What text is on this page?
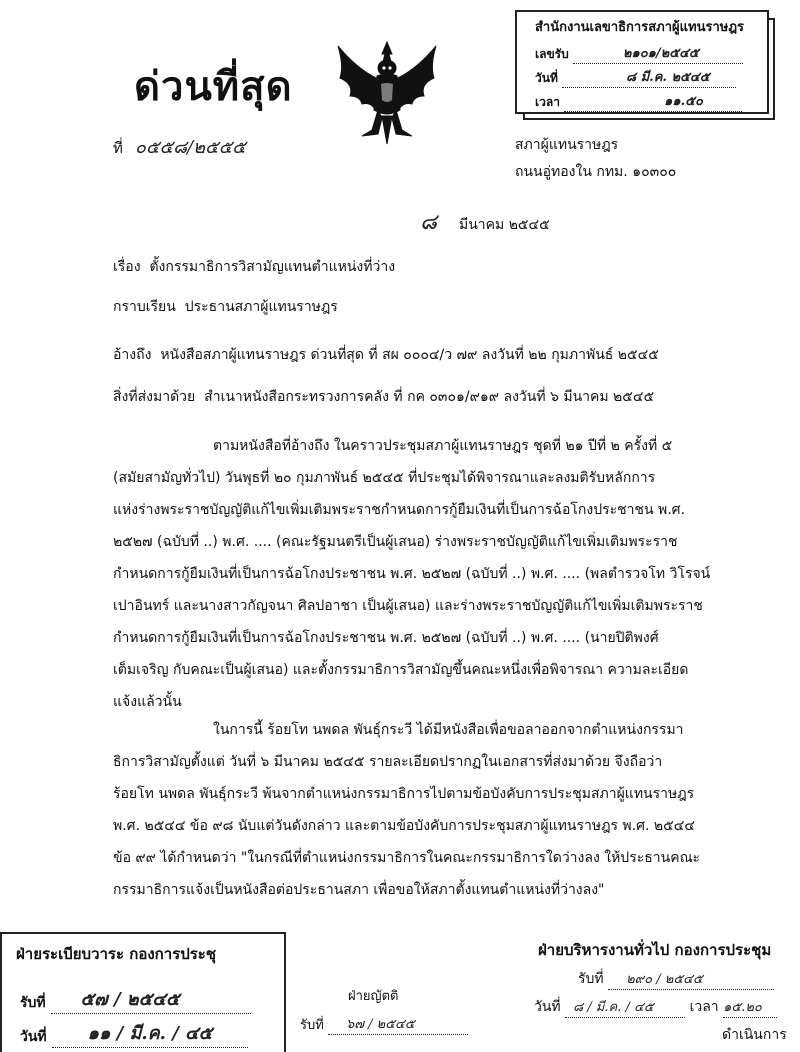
ด่วนที่สุด
สำนักงานเลขาธิการสภาผู้แทนราษฎร
เลขรับ	๒๑๐๑/๒๕๔๕
วันที่	๘ มี.ค. ๒๕๔๕
เวลา	๑๑.๕๐
ที่ ๐๕๕๘/๒๕๕๕	สภาผู้แทนราษฎร
ถนนอู่ทองใน กทม. ๑๐๓๐๐
๘ มีนาคม ๒๕๔๕
เรื่อง ตั้งกรรมาธิการวิสามัญแทนตำแหน่งที่ว่าง
กราบเรียน ประธานสภาผู้แทนราษฎร
อ้างถึง หนังสือสภาผู้แทนราษฎร ด่วนที่สุด ที่ สผ ๐๐๐๔/ว ๗๙ ลงวันที่ ๒๒ กุมภาพันธ์ ๒๕๔๕
สิ่งที่ส่งมาด้วย สำเนาหนังสือกระทรวงการคลัง ที่ กค ๐๓๐๑/๙๑๙ ลงวันที่ ๖ มีนาคม ๒๕๔๕

ตามหนังสือที่อ้างถึง ในคราวประชุมสภาผู้แทนราษฎร ชุดที่ ๒๑ ปีที่ ๒ ครั้งที่ ๕

(สมัยสามัญทั่วไป) วันพุธที่ ๒๐ กุมภาพันธ์ ๒๕๔๕ ที่ประชุมได้พิจารณาและลงมติรับหลักการ

แห่งร่างพระราชบัญญัติแก้ไขเพิ่มเติมพระราชกำหนดการกู้ยืมเงินที่เป็นการฉ้อโกงประชาชน พ.ศ.

๒๕๒๗ (ฉบับที่ ..) พ.ศ. .... (คณะรัฐมนตรีเป็นผู้เสนอ) ร่างพระราชบัญญัติแก้ไขเพิ่มเติมพระราช

กำหนดการกู้ยืมเงินที่เป็นการฉ้อโกงประชาชน พ.ศ. ๒๕๒๗ (ฉบับที่ ..) พ.ศ. .... (พลตำรวจโท วิโรจน์

เปาอินทร์ และนางสาวกัญจนา ศิลปอาชา เป็นผู้เสนอ) และร่างพระราชบัญญัติแก้ไขเพิ่มเติมพระราช

กำหนดการกู้ยืมเงินที่เป็นการฉ้อโกงประชาชน พ.ศ. ๒๕๒๗ (ฉบับที่ ..) พ.ศ. .... (นายปิติพงศ์

เต็มเจริญ กับคณะเป็นผู้เสนอ) และตั้งกรรมาธิการวิสามัญขึ้นคณะหนึ่งเพื่อพิจารณา ความละเอียด

แจ้งแล้วนั้น

ในการนี้ ร้อยโท นพดล พันธุ์กระวี ได้มีหนังสือเพื่อขอลาออกจากตำแหน่งกรรมา

ธิการวิสามัญตั้งแต่ วันที่ ๖ มีนาคม ๒๕๔๕ รายละเอียดปรากฏในเอกสารที่ส่งมาด้วย จึงถือว่า

ร้อยโท นพดล พันธุ์กระวี พ้นจากตำแหน่งกรรมาธิการไปตามข้อบังคับการประชุมสภาผู้แทนราษฎร

พ.ศ. ๒๕๔๔ ข้อ ๙๘ นับแต่วันดังกล่าว และตามข้อบังคับการประชุมสภาผู้แทนราษฎร พ.ศ. ๒๕๔๔

ข้อ ๙๙ ได้กำหนดว่า "ในกรณีที่ตำแหน่งกรรมาธิการในคณะกรรมาธิการใดว่างลง ให้ประธานคณะ

กรรมาธิการแจ้งเป็นหนังสือต่อประธานสภา เพื่อขอให้สภาตั้งแทนตำแหน่งที่ว่างลง"

ฝ่ายระเบียบวาระ กองการประชุ
รับที่ ๕๗ / ๒๕๔๕
วันที่ ๑๑ / มี.ค. / ๔๕
ฝ่ายญัตติ
รับที่ ๖๗ / ๒๕๔๕
ฝ่ายบริหารงานทั่วไป กองการประชุม
รับที่ ๒๙๐ / ๒๕๔๕
วันที่ ๘ / มี.ค. / ๔๕	เวลา ๑๕.๒๐
ดำเนินการ
